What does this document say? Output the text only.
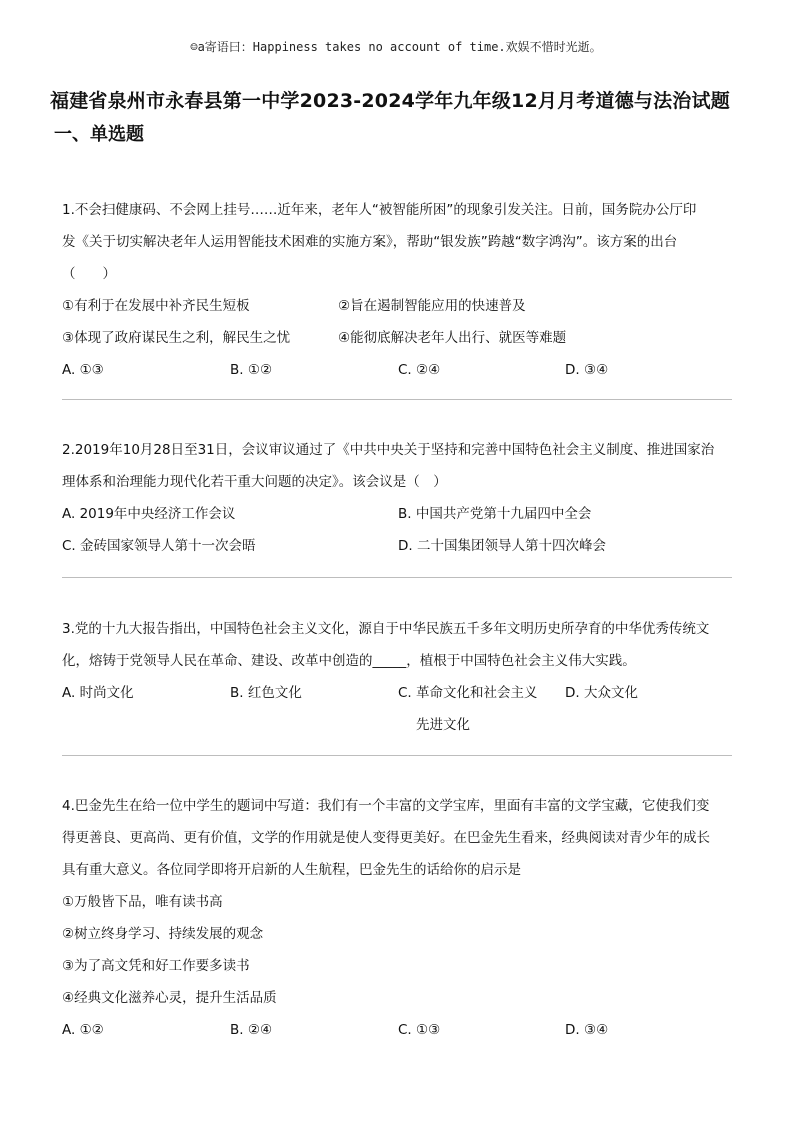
☺a寄语曰：Happiness takes no account of time.欢娱不惜时光逝。
福建省泉州市永春县第一中学2023-2024学年九年级12月月考道德与法治试题
一、单选题
1.不会扫健康码、不会网上挂号……近年来，老年人“被智能所困”的现象引发关注。日前，国务院办公厅印
发《关于切实解决老年人运用智能技术困难的实施方案》，帮助“银发族”跨越“数字鸿沟”。该方案的出台
（　　）
①有利于在发展中补齐民生短板	②旨在遏制智能应用的快速普及
③体现了政府谋民生之利，解民生之忧	④能彻底解决老年人出行、就医等难题
A. ①③	B. ①②	C. ②④	D. ③④
2.2019年10月28日至31日，会议审议通过了《中共中央关于坚持和完善中国特色社会主义制度、推进国家治
理体系和治理能力现代化若干重大问题的决定》。该会议是（　）
A. 2019年中央经济工作会议	B. 中国共产党第十九届四中全会
C. 金砖国家领导人第十一次会晤	D. 二十国集团领导人第十四次峰会
3.党的十九大报告指出，中国特色社会主义文化，源自于中华民族五千多年文明历史所孕育的中华优秀传统文
化，熔铸于党领导人民在革命、建设、改革中创造的_____，植根于中国特色社会主义伟大实践。
A. 时尚文化	B. 红色文化	C. 革命文化和社会主义 D. 大众文化
先进文化
4.巴金先生在给一位中学生的题词中写道：我们有一个丰富的文学宝库，里面有丰富的文学宝藏，它使我们变
得更善良、更高尚、更有价值，文学的作用就是使人变得更美好。在巴金先生看来，经典阅读对青少年的成长
具有重大意义。各位同学即将开启新的人生航程，巴金先生的话给你的启示是
①万般皆下品，唯有读书高
②树立终身学习、持续发展的观念
③为了高文凭和好工作要多读书
④经典文化滋养心灵，提升生活品质
A. ①②	B. ②④	C. ①③	D. ③④
